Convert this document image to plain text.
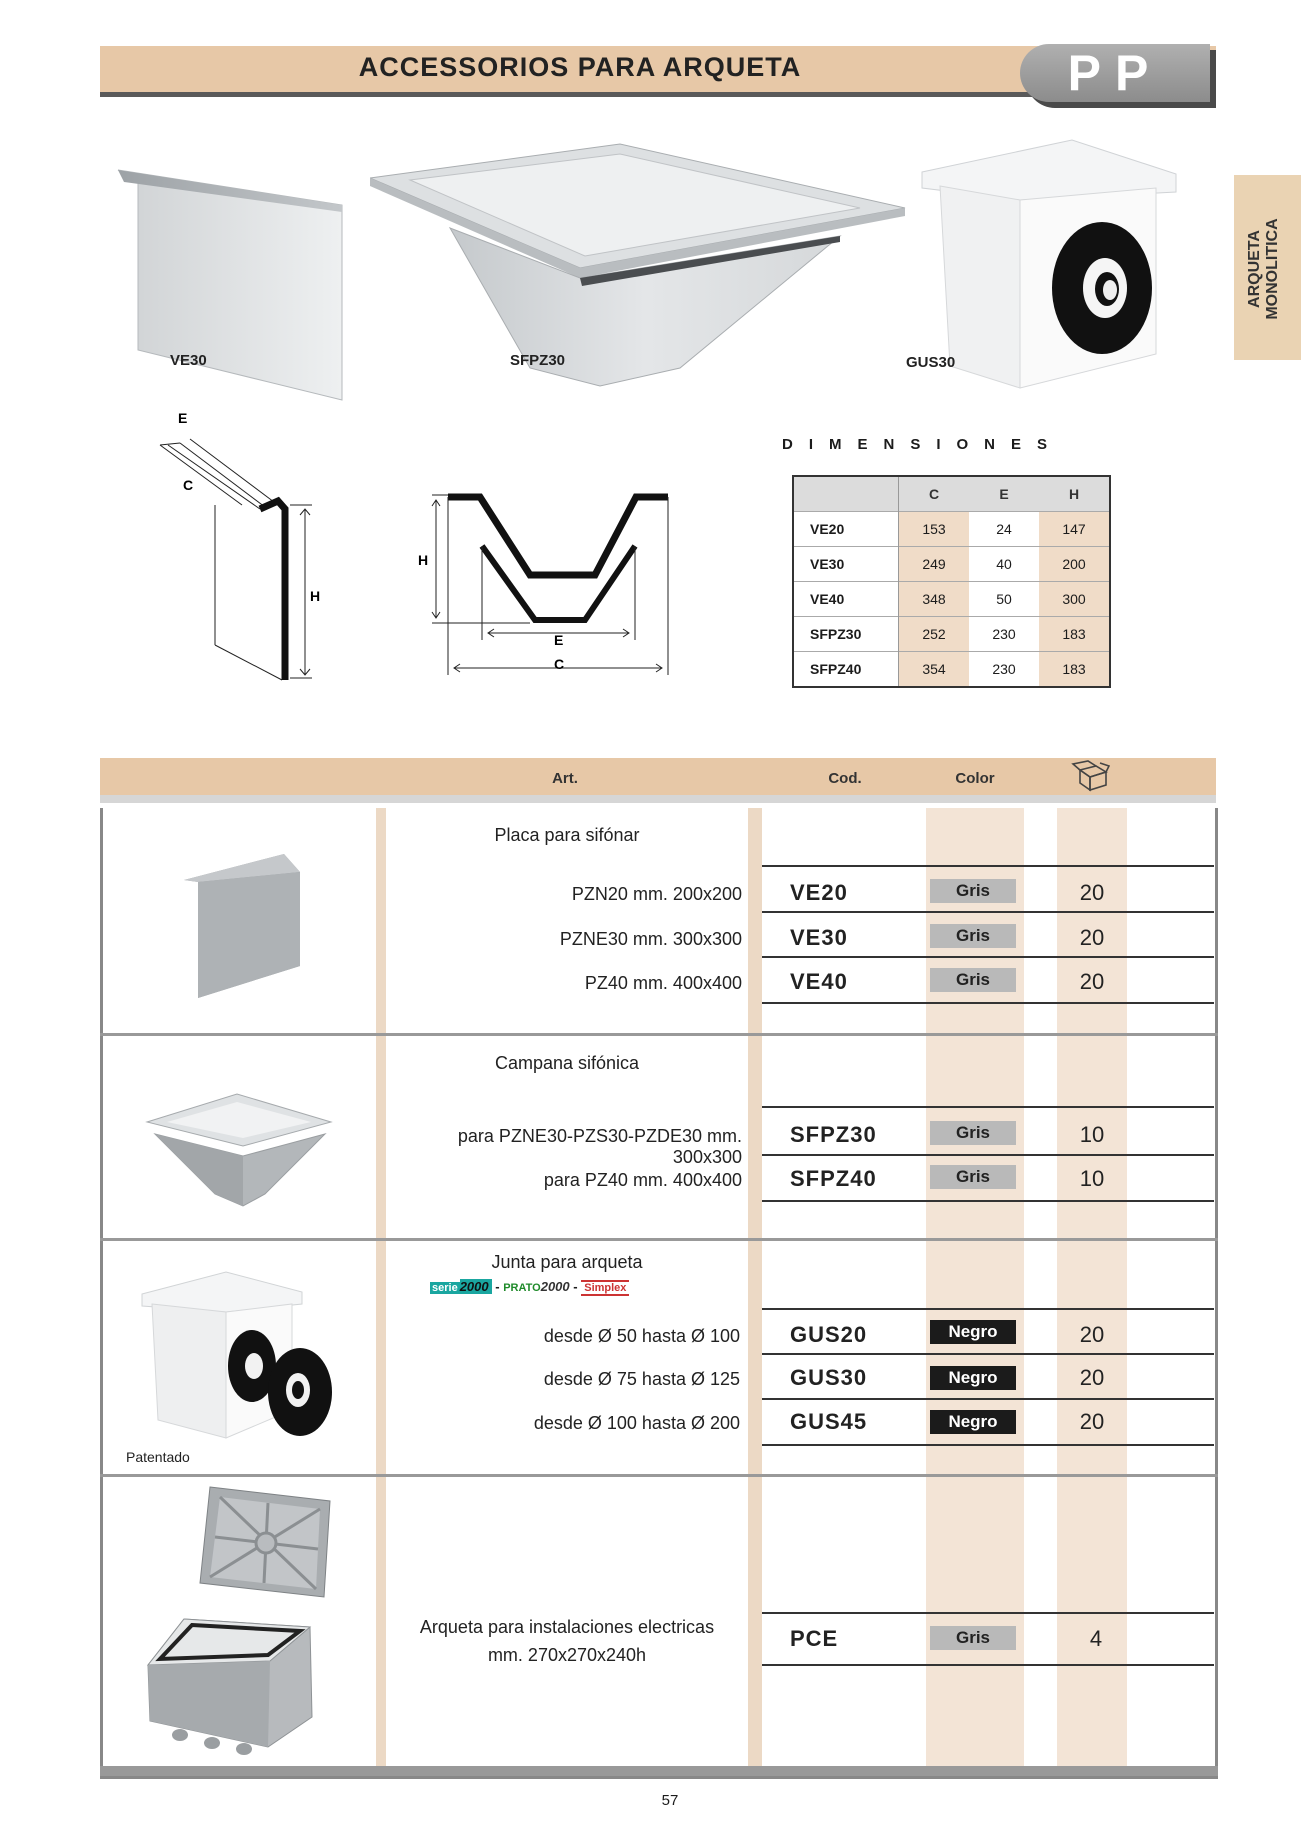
ACCESSORIOS PARA ARQUETA	PP
ARQUETA MONOLITICA
VE30	SFPZ30	GUS30
E
C
H
H
E
C
DIMENSIONES
	C	E	H
VE20	153	24	147
VE30	249	40	200
VE40	348	50	300
SFPZ30	252	230	183
SFPZ40	354	230	183
Art.	Cod.	Color
Placa para sifónar
PZN20 mm. 200x200 VE20	Gris	20
PZNE30 mm. 300x300 VE30	Gris	20
PZ40 mm. 400x400 VE40	Gris	20
Campana sifónica
para PZNE30-PZS30-PZDE30 mm. 300x300
SFPZ30	Gris	10
para PZ40 mm. 400x400 SFPZ40	Gris	10
Patentado
Junta para arqueta
serie 2000 - PRATO2000 - Simplex
desde Ø 50 hasta Ø 100 GUS20	Negro	20
desde Ø 75 hasta Ø 125 GUS30	Negro	20
desde Ø 100 hasta Ø 200 GUS45	Negro	20
Arqueta para instalaciones electricas
mm. 270x270x240h
PCE	Gris	4
57
